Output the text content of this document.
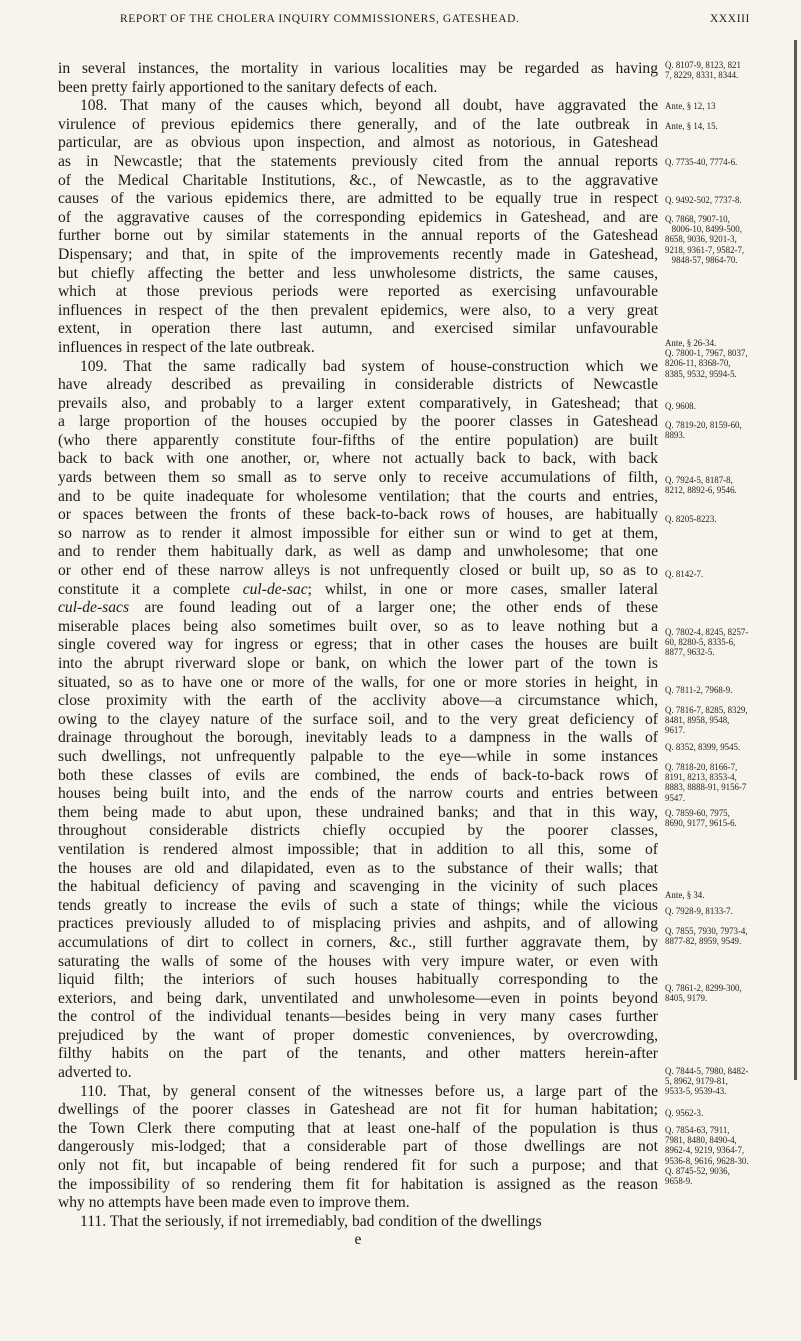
REPORT OF THE CHOLERA INQUIRY COMMISSIONERS, GATESHEAD.	XXXIII
in several instances, the mortality in various localities may be regarded as having
been pretty fairly apportioned to the sanitary defects of each.
108. That many of the causes which, beyond all doubt, have aggravated the
virulence of previous epidemics there generally, and of the late outbreak in
particular, are as obvious upon inspection, and almost as notorious, in Gateshead
as in Newcastle; that the statements previously cited from the annual reports
of the Medical Charitable Institutions, &c., of Newcastle, as to the aggravative
causes of the various epidemics there, are admitted to be equally true in respect
of the aggravative causes of the corresponding epidemics in Gateshead, and are
further borne out by similar statements in the annual reports of the Gateshead
Dispensary; and that, in spite of the improvements recently made in Gateshead,
but chiefly affecting the better and less unwholesome districts, the same causes,
which at those previous periods were reported as exercising unfavourable
influences in respect of the then prevalent epidemics, were also, to a very great
extent, in operation there last autumn, and exercised similar unfavourable
influences in respect of the late outbreak.
109. That the same radically bad system of house-construction which we
have already described as prevailing in considerable districts of Newcastle
prevails also, and probably to a larger extent comparatively, in Gateshead; that
a large proportion of the houses occupied by the poorer classes in Gateshead
(who there apparently constitute four-fifths of the entire population) are built
back to back with one another, or, where not actually back to back, with back
yards between them so small as to serve only to receive accumulations of filth,
and to be quite inadequate for wholesome ventilation; that the courts and entries,
or spaces between the fronts of these back-to-back rows of houses, are habitually
so narrow as to render it almost impossible for either sun or wind to get at them,
and to render them habitually dark, as well as damp and unwholesome; that one
or other end of these narrow alleys is not unfrequently closed or built up, so as to
constitute it a complete cul-de-sac; whilst, in one or more cases, smaller lateral
cul-de-sacs are found leading out of a larger one; the other ends of these
miserable places being also sometimes built over, so as to leave nothing but a
single covered way for ingress or egress; that in other cases the houses are built
into the abrupt riverward slope or bank, on which the lower part of the town is
situated, so as to have one or more of the walls, for one or more stories in height, in
close proximity with the earth of the acclivity above—a circumstance which,
owing to the clayey nature of the surface soil, and to the very great deficiency of
drainage throughout the borough, inevitably leads to a dampness in the walls of
such dwellings, not unfrequently palpable to the eye—while in some instances
both these classes of evils are combined, the ends of back-to-back rows of
houses being built into, and the ends of the narrow courts and entries between
them being made to abut upon, these undrained banks; and that in this way,
throughout considerable districts chiefly occupied by the poorer classes,
ventilation is rendered almost impossible; that in addition to all this, some of
the houses are old and dilapidated, even as to the substance of their walls; that
the habitual deficiency of paving and scavenging in the vicinity of such places
tends greatly to increase the evils of such a state of things; while the vicious
practices previously alluded to of misplacing privies and ashpits, and of allowing
accumulations of dirt to collect in corners, &c., still further aggravate them, by
saturating the walls of some of the houses with very impure water, or even with
liquid filth; the interiors of such houses habitually corresponding to the
exteriors, and being dark, unventilated and unwholesome—even in points beyond
the control of the individual tenants—besides being in very many cases further
prejudiced by the want of proper domestic conveniences, by overcrowding,
filthy habits on the part of the tenants, and other matters herein-after
adverted to.
110. That, by general consent of the witnesses before us, a large part of the
dwellings of the poorer classes in Gateshead are not fit for human habitation;
the Town Clerk there computing that at least one-half of the population is thus
dangerously mis-lodged; that a considerable part of those dwellings are not
only not fit, but incapable of being rendered fit for such a purpose; and that
the impossibility of so rendering them fit for habitation is assigned as the reason
why no attempts have been made even to improve them.
111. That the seriously, if not irremediably, bad condition of the dwellings
e
Q. 8107-9, 8123, 821
7, 8229, 8331, 8344.
Ante, § 12, 13
Ante, § 14, 15.
Q. 7735-40, 7774-6.
Q. 9492-502, 7737-8.
Q. 7868, 7907-10,
8006-10, 8499-500,
8658, 9036, 9201-3,
9218, 9361-7, 9582-7,
9848-57, 9864-70.
Ante, § 26-34.
Q. 7800-1, 7967, 8037,
8206-11, 8368-70,
8385, 9532, 9594-5.
Q. 9608.
Q. 7819-20, 8159-60,
8893.
Q. 7924-5, 8187-8,
8212, 8892-6, 9546.
Q. 8205-8223.
Q. 8142-7.
Q. 7802-4, 8245, 8257-
60, 8280-5, 8335-6,
8877, 9632-5.
Q. 7811-2, 7968-9.
Q. 7816-7, 8285, 8329,
8481, 8958, 9548,
9617.
Q. 8352, 8399, 9545.
Q. 7818-20, 8166-7,
8191, 8213, 8353-4,
8883, 8888-91, 9156-7
9547.
Q. 7859-60, 7975,
8690, 9177, 9615-6.
Ante, § 34.
Q. 7928-9, 8133-7.
Q. 7855, 7930, 7973-4,
8877-82, 8959, 9549.
Q. 7861-2, 8299-300,
8405, 9179.
Q. 7844-5, 7980, 8482-
5, 8962, 9179-81,
9533-5, 9539-43.
Q. 9562-3.
Q. 7854-63, 7911,
7981, 8480, 8490-4,
8962-4, 9219, 9364-7,
9536-8, 9616, 9628-30.
Q. 8745-52, 9036,
9658-9.
